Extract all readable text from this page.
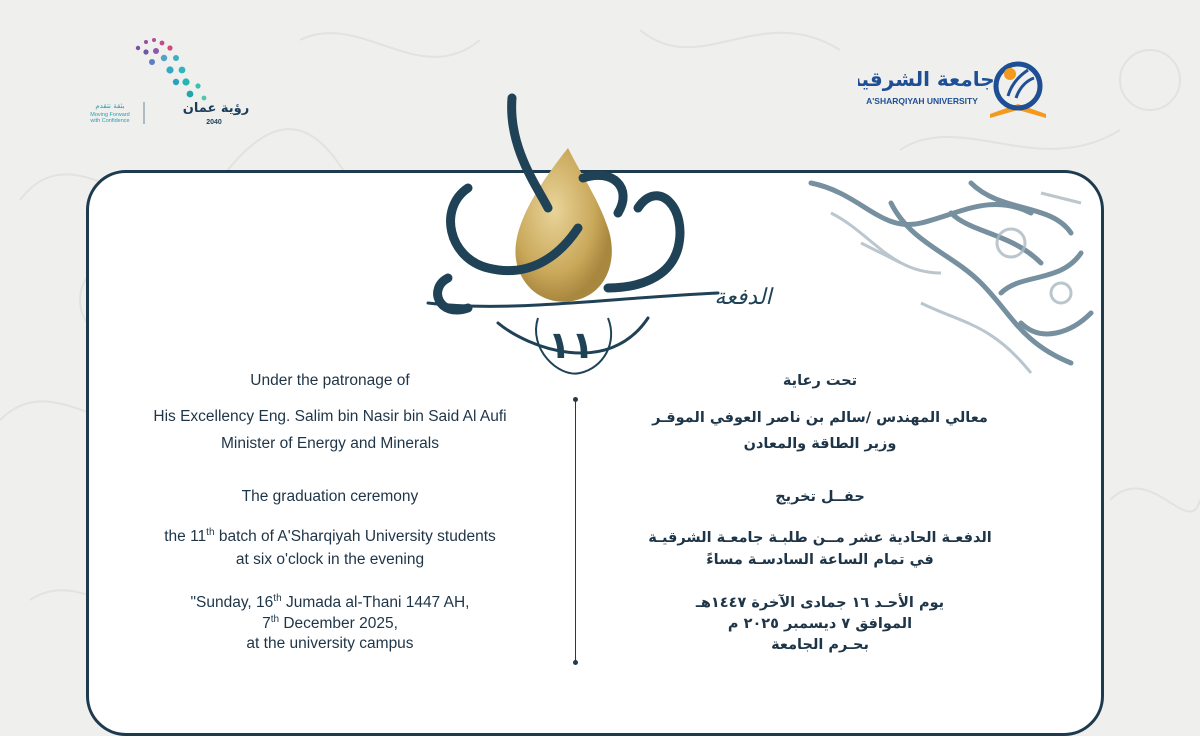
رؤية عمان
2040
بثقة نتقدم
Moving Forward
with Confidence
جامعة الشرقية
A'SHARQIYAH UNIVERSITY
الدفعة
١١
Under the patronage of
His Excellency Eng. Salim bin Nasir bin Said Al Aufi
Minister of Energy and Minerals
The graduation ceremony
the 11th batch of A'Sharqiyah University students
at six o'clock in the evening
"Sunday, 16th Jumada al-Thani 1447 AH,
7th December 2025,
at the university campus
تحت رعاية
معالي المهندس /سالم بن ناصر العوفي الموقـر
وزير الطاقة والمعادن
حفــل تخريج
الدفعـة الحادية عشر مــن طلبـة جامعـة الشرقيـة
في تمام الساعة السادسـة مساءً
يوم الأحـد ١٦ جمادى الآخرة ١٤٤٧هـ
الموافق ٧ ديسمبر ٢٠٢٥ م
بحـرم الجامعة
